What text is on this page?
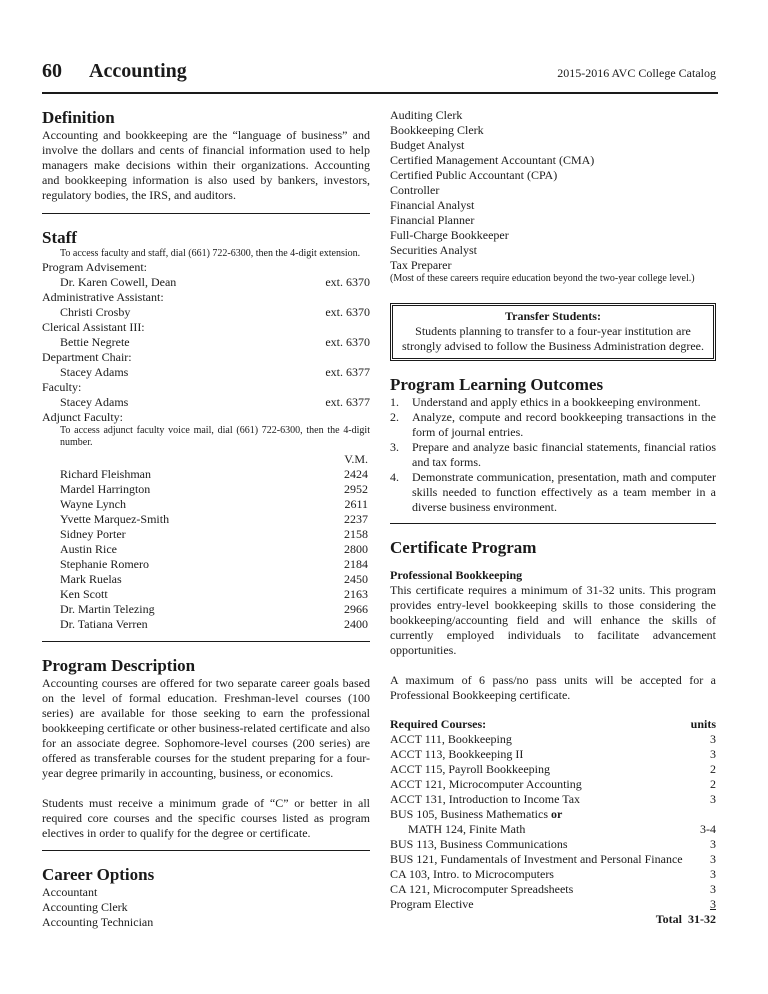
60 Accounting	2015-2016 AVC College Catalog
Definition

Accounting and bookkeeping are the “language of business” and involve the dollars and cents of financial information used to help managers make decisions within their organizations. Accounting and bookkeeping information is also used by bankers, investors, regulatory bodies, the IRS, and auditors.

Staff

To access faculty and staff, dial (661) 722-6300, then the 4-digit extension.

Program Advisement:
Dr. Karen Cowell, Dean	ext. 6370
Administrative Assistant:
Christi Crosby	ext. 6370
Clerical Assistant III:
Bettie Negrete	ext. 6370
Department Chair:
Stacey Adams	ext. 6377
Faculty:
Stacey Adams	ext. 6377
Adjunct Faculty:

To access adjunct faculty voice mail, dial (661) 722-6300, then the 4-digit number.

V.M.
Richard Fleishman	2424
Mardel Harrington	2952
Wayne Lynch	2611
Yvette Marquez-Smith	2237
Sidney Porter	2158
Austin Rice	2800
Stephanie Romero	2184
Mark Ruelas	2450
Ken Scott	2163
Dr. Martin Telezing	2966
Dr. Tatiana Verren	2400
Program Description

Accounting courses are offered for two separate career goals based on the level of formal education. Freshman-level courses (100 series) are available for those seeking to earn the professional bookkeeping certificate or other business-related certificate and also for an associate degree. Sophomore-level courses (200 series) are offered as transferable courses for the student preparing for a four-year degree primarily in accounting, business, or economics.

Students must receive a minimum grade of “C” or better in all required core courses and the specific courses listed as program electives in order to qualify for the degree or certificate.

Career Options
Accountant
Accounting Clerk
Accounting Technician
Auditing Clerk
Bookkeeping Clerk
Budget Analyst
Certified Management Accountant (CMA)
Certified Public Accountant (CPA)
Controller
Financial Analyst
Financial Planner
Full-Charge Bookkeeper
Securities Analyst
Tax Preparer

(Most of these careers require education beyond the two-year college level.)

Transfer Students:
Students planning to transfer to a four-year institution are strongly advised to follow the Business Administration degree.
Program Learning Outcomes
1.	Understand and apply ethics in a bookkeeping environment.
2.	Analyze, compute and record bookkeeping transactions in the form of journal entries.
3.	Prepare and analyze basic financial statements, financial ratios and tax forms.
4.	Demonstrate communication, presentation, math and computer skills needed to function effectively as a team member in a diverse business environment.
Certificate Program
Professional Bookkeeping

This certificate requires a minimum of 31-32 units. This program provides entry-level bookkeeping skills to those considering the bookkeeping/accounting field and will enhance the skills of currently employed individuals to facilitate advancement opportunities.

A maximum of 6 pass/no pass units will be accepted for a Professional Bookkeeping certificate.

Required Courses:	units
ACCT 111, Bookkeeping	3
ACCT 113, Bookkeeping II	3
ACCT 115, Payroll Bookkeeping	2
ACCT 121, Microcomputer Accounting	2
ACCT 131, Introduction to Income Tax	3
BUS 105, Business Mathematics or
MATH 124, Finite Math	3-4
BUS 113, Business Communications	3
BUS 121, Fundamentals of Investment and Personal Finance 3
CA 103, Intro. to Microcomputers	3
CA 121, Microcomputer Spreadsheets	3
Program Elective	3
Total 31-32
